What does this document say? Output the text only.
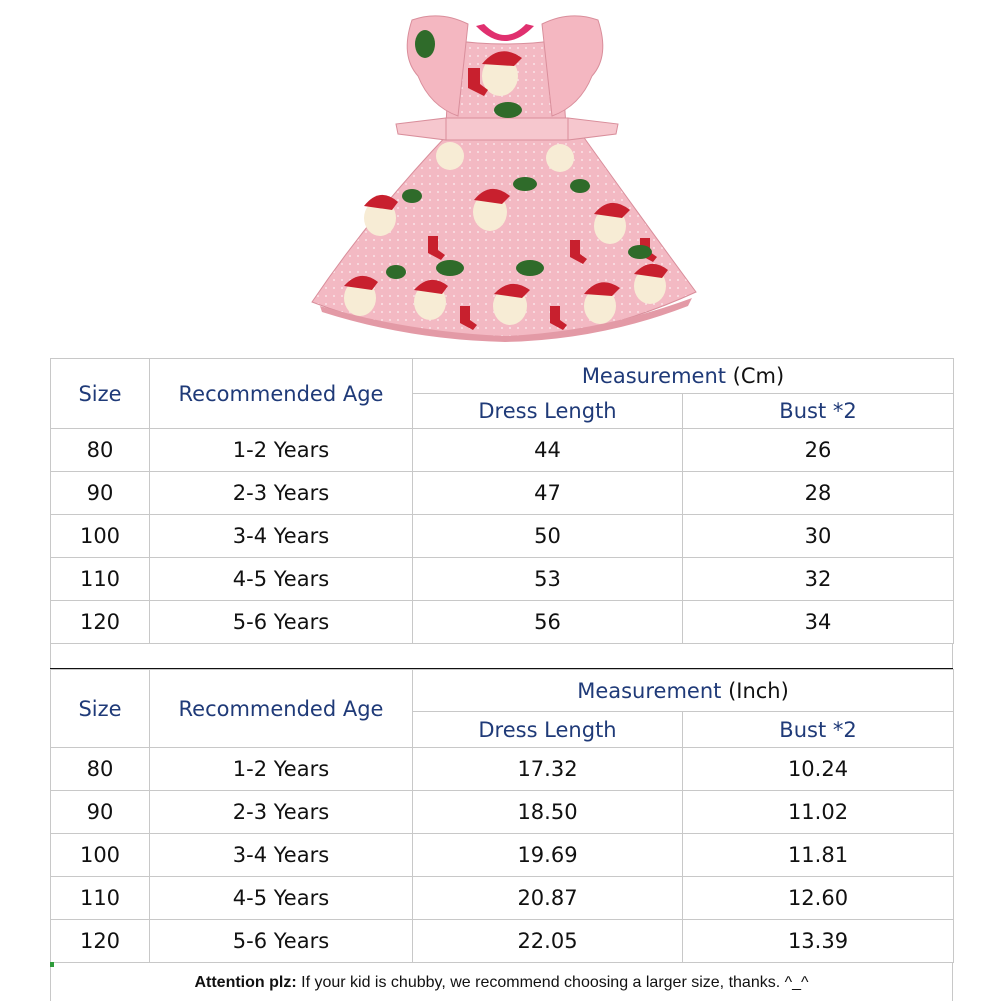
Size	Recommended Age	Measurement (Cm)	
		Dress Length	Bust *2
80	1-2 Years	44	26
90	2-3 Years	47	28
100	3-4 Years	50	30
110	4-5 Years	53	32
120	5-6 Years	56	34
Size	Recommended Age	Measurement (Inch)	
		Dress Length	Bust *2
80	1-2 Years	17.32	10.24
90	2-3 Years	18.50	11.02
100	3-4 Years	19.69	11.81
110	4-5 Years	20.87	12.60
120	5-6 Years	22.05	13.39
Attention plz: If your kid is chubby, we recommend choosing a larger size, thanks. ^_^
